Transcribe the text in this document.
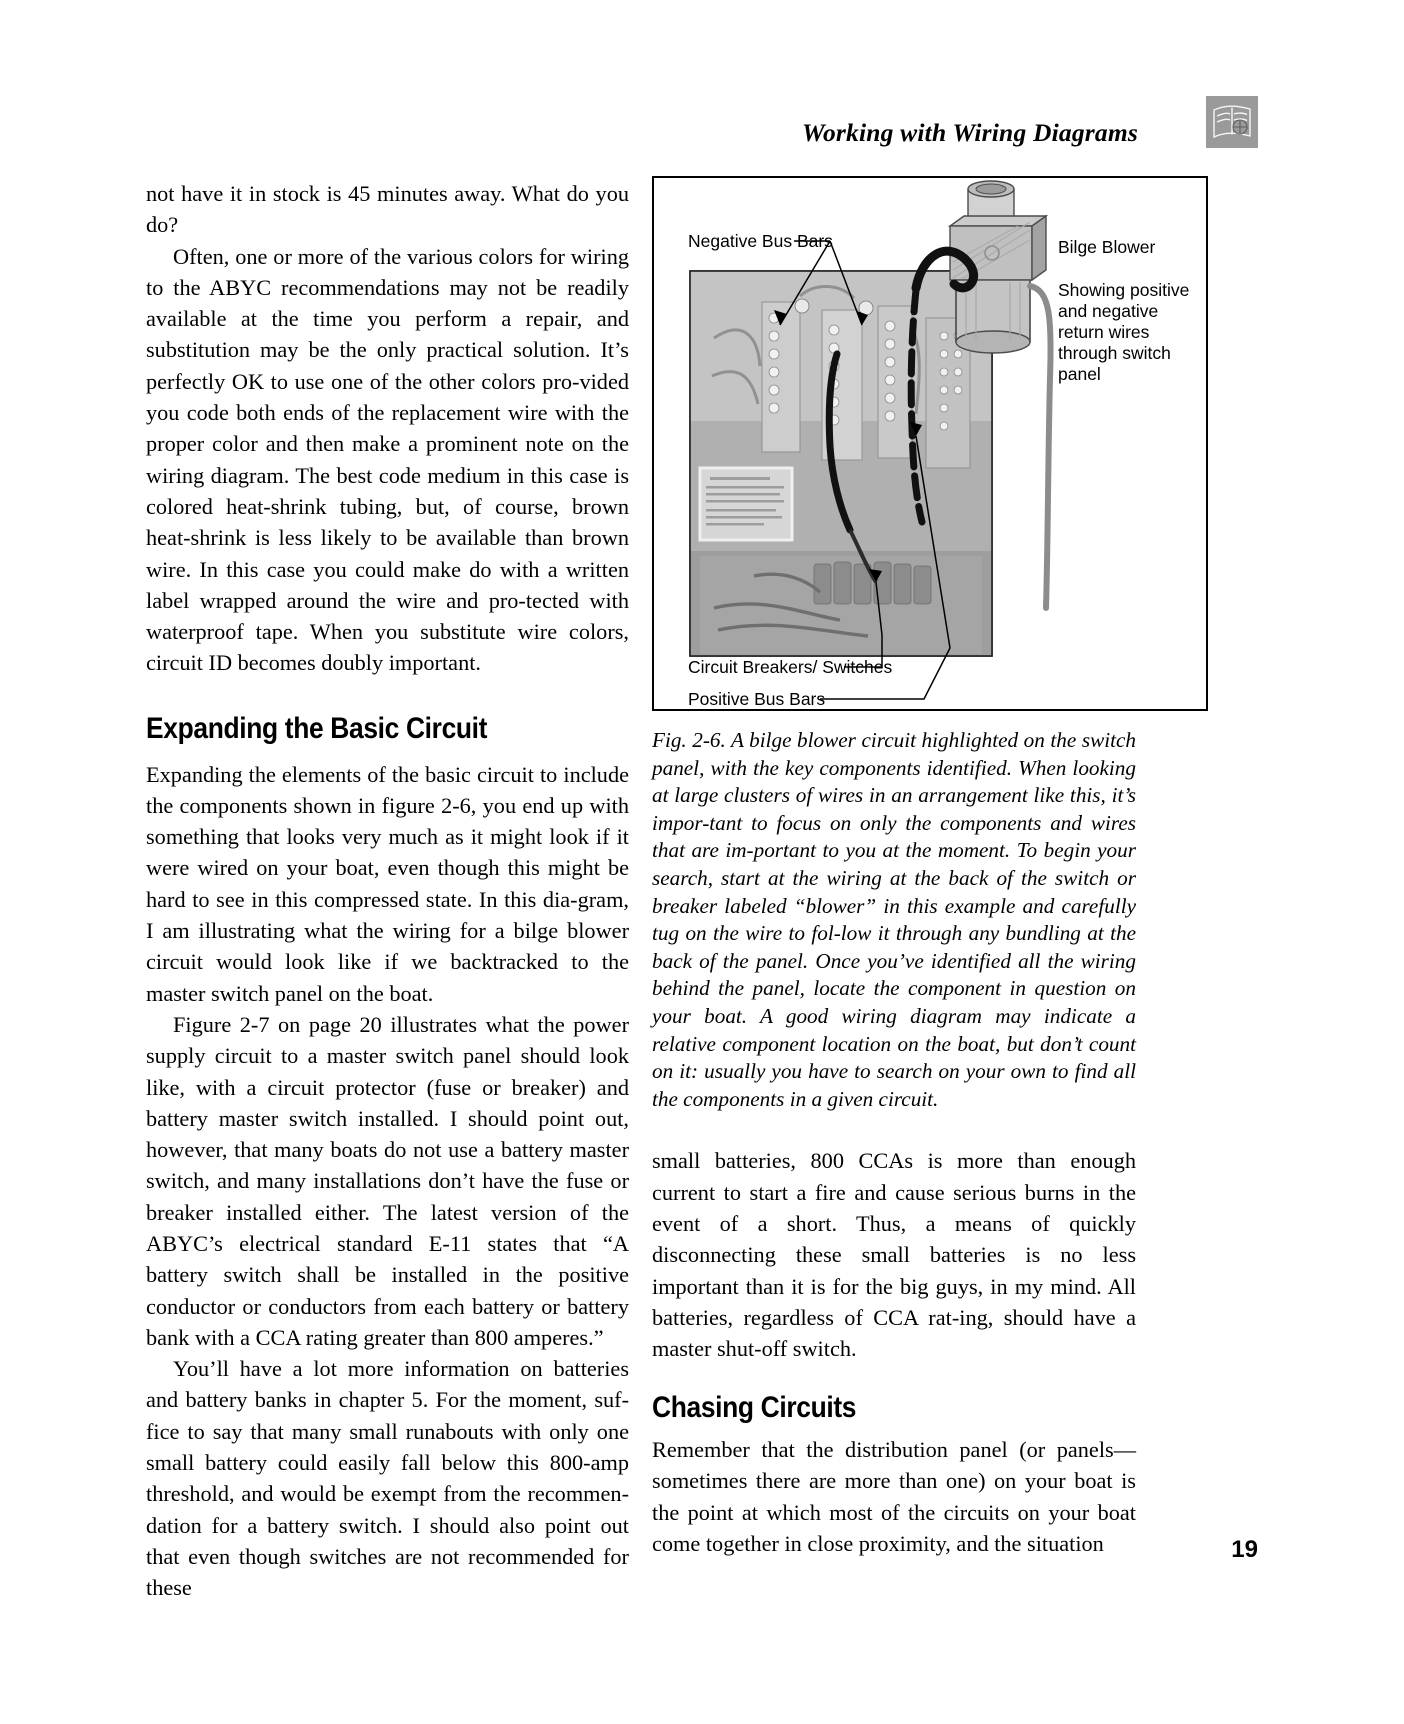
Working with Wiring Diagrams

not have it in stock is 45 minutes away. What do you do?

Often, one or more of the various colors for wiring to the ABYC recommendations may not be readily available at the time you perform a repair, and substitution may be the only practical solution. It’s perfectly OK to use one of the other colors pro-vided you code both ends of the replacement wire with the proper color and then make a prominent note on the wiring diagram. The best code medium in this case is colored heat-shrink tubing, but, of course, brown heat-shrink is less likely to be available than brown wire. In this case you could make do with a written label wrapped around the wire and pro-tected with waterproof tape. When you substitute wire colors, circuit ID becomes doubly important.

Expanding the Basic Circuit

Expanding the elements of the basic circuit to include the components shown in figure 2-6, you end up with something that looks very much as it might look if it were wired on your boat, even though this might be hard to see in this compressed state. In this dia-gram, I am illustrating what the wiring for a bilge blower circuit would look like if we backtracked to the master switch panel on the boat.

Figure 2-7 on page 20 illustrates what the power supply circuit to a master switch panel should look like, with a circuit protector (fuse or breaker) and battery master switch installed. I should point out, however, that many boats do not use a battery master switch, and many installations don’t have the fuse or breaker installed either. The latest version of the ABYC’s electrical standard E-11 states that “A battery switch shall be installed in the positive conductor or conductors from each battery or battery bank with a CCA rating greater than 800 amperes.”

You’ll have a lot more information on batteries and battery banks in chapter 5. For the moment, suf-fice to say that many small runabouts with only one small battery could easily fall below this 800-amp threshold, and would be exempt from the recommen-dation for a battery switch. I should also point out that even though switches are not recommended for these

Negative Bus Bars
Circuit Breakers/ Switches
Positive Bus Bars
Bilge Blower
Showing positive and negative return wires through switch panel

Fig. 2-6. A bilge blower circuit highlighted on the switch panel, with the key components identified. When looking at large clusters of wires in an arrangement like this, it’s impor-tant to focus on only the components and wires that are im-portant to you at the moment. To begin your search, start at the wiring at the back of the switch or breaker labeled “blower” in this example and carefully tug on the wire to fol-low it through any bundling at the back of the panel. Once you’ve identified all the wiring behind the panel, locate the component in question on your boat. A good wiring diagram may indicate a relative component location on the boat, but don’t count on it: usually you have to search on your own to find all the components in a given circuit.

small batteries, 800 CCAs is more than enough current to start a fire and cause serious burns in the event of a short. Thus, a means of quickly disconnecting these small batteries is no less important than it is for the big guys, in my mind. All batteries, regardless of CCA rat-ing, should have a master shut-off switch.

Chasing Circuits

Remember that the distribution panel (or panels—sometimes there are more than one) on your boat is the point at which most of the circuits on your boat come together in close proximity, and the situation	19
